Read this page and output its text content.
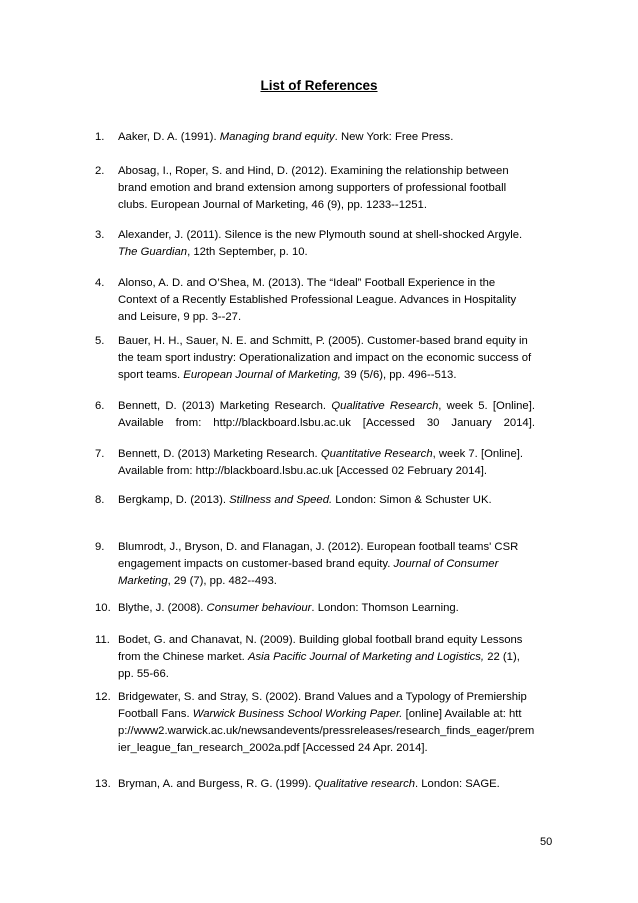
List of References
1. Aaker, D. A. (1991). Managing brand equity. New York: Free Press.
2. Abosag, I., Roper, S. and Hind, D. (2012). Examining the relationship between brand emotion and brand extension among supporters of professional football clubs. European Journal of Marketing, 46 (9), pp. 1233--1251.
3. Alexander, J. (2011). Silence is the new Plymouth sound at shell-shocked Argyle. The Guardian, 12th September, p. 10.
4. Alonso, A. D. and O’Shea, M. (2013). The “Ideal” Football Experience in the Context of a Recently Established Professional League. Advances in Hospitality and Leisure, 9 pp. 3--27.
5. Bauer, H. H., Sauer, N. E. and Schmitt, P. (2005). Customer-based brand equity in the team sport industry: Operationalization and impact on the economic success of sport teams. European Journal of Marketing, 39 (5/6), pp. 496--513.
6. Bennett, D. (2013) Marketing Research. Qualitative Research, week 5. [Online]. Available from: http://blackboard.lsbu.ac.uk [Accessed 30 January 2014].
7. Bennett, D. (2013) Marketing Research. Quantitative Research, week 7. [Online]. Available from: http://blackboard.lsbu.ac.uk [Accessed 02 February 2014].
8. Bergkamp, D. (2013). Stillness and Speed. London: Simon & Schuster UK.
9. Blumrodt, J., Bryson, D. and Flanagan, J. (2012). European football teams' CSR engagement impacts on customer-based brand equity. Journal of Consumer Marketing, 29 (7), pp. 482--493.
10. Blythe, J. (2008). Consumer behaviour. London: Thomson Learning.
11. Bodet, G. and Chanavat, N. (2009). Building global football brand equity Lessons from the Chinese market. Asia Pacific Journal of Marketing and Logistics, 22 (1), pp. 55-66.
12. Bridgewater, S. and Stray, S. (2002). Brand Values and a Typology of Premiership Football Fans. Warwick Business School Working Paper. [online] Available at: http://www2.warwick.ac.uk/newsandevents/pressreleases/research_finds_eager/premier_league_fan_research_2002a.pdf [Accessed 24 Apr. 2014].
13. Bryman, A. and Burgess, R. G. (1999). Qualitative research. London: SAGE.
50
